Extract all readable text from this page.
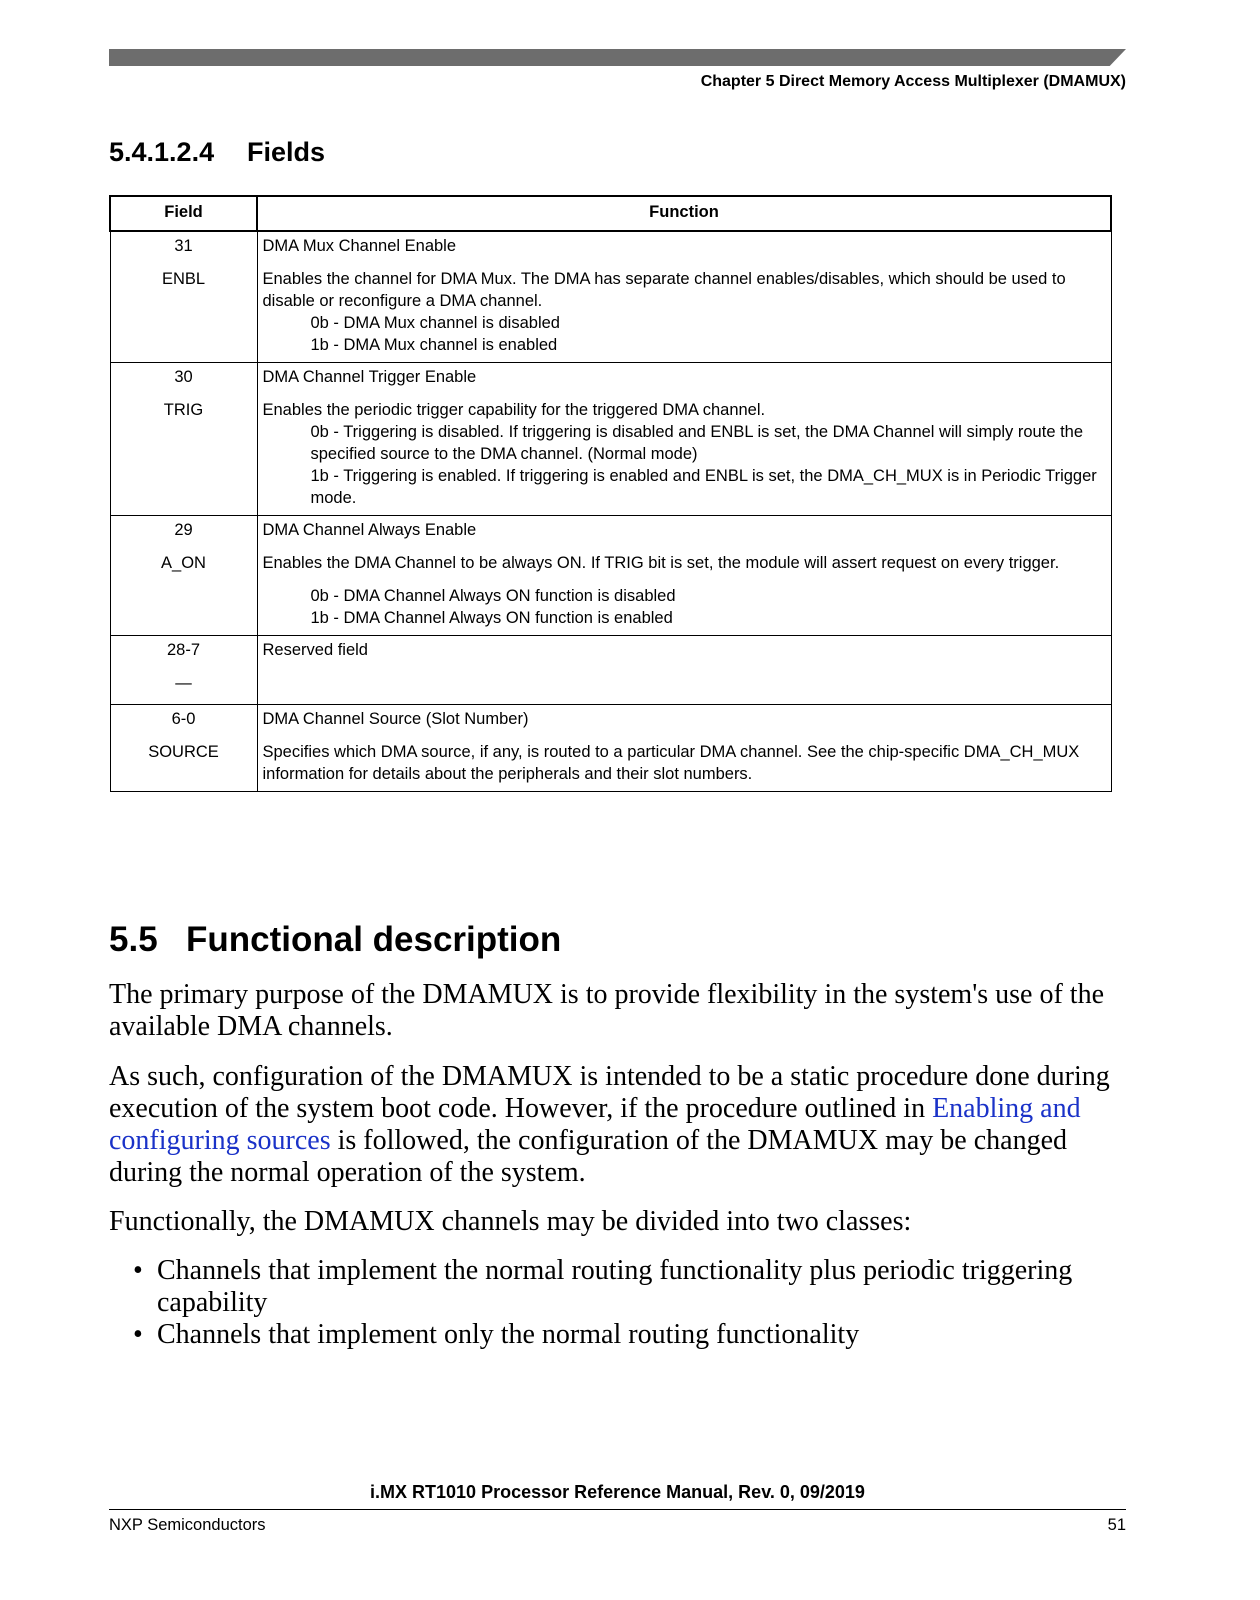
Chapter 5 Direct Memory Access Multiplexer (DMAMUX)
5.4.1.2.4 Fields
Field	Function

31
ENBL	DMA Mux Channel Enable
Enables the channel for DMA Mux. The DMA has separate channel enables/disables, which should be used to disable or reconfigure a DMA channel.
0b - DMA Mux channel is disabled
1b - DMA Mux channel is enabled

30
TRIG	DMA Channel Trigger Enable
Enables the periodic trigger capability for the triggered DMA channel.
0b - Triggering is disabled. If triggering is disabled and ENBL is set, the DMA Channel will simply route the specified source to the DMA channel. (Normal mode)
1b - Triggering is enabled. If triggering is enabled and ENBL is set, the DMA_CH_MUX is in Periodic Trigger mode.

29
A_ON	DMA Channel Always Enable
Enables the DMA Channel to be always ON. If TRIG bit is set, the module will assert request on every trigger.
0b - DMA Channel Always ON function is disabled
1b - DMA Channel Always ON function is enabled

28-7
—	Reserved field

6-0
SOURCE	DMA Channel Source (Slot Number)
Specifies which DMA source, if any, is routed to a particular DMA channel. See the chip-specific DMA_CH_MUX information for details about the peripherals and their slot numbers.
5.5 Functional description

The primary purpose of the DMAMUX is to provide flexibility in the system's use of the available DMA channels.

As such, configuration of the DMAMUX is intended to be a static procedure done during execution of the system boot code. However, if the procedure outlined in Enabling and configuring sources is followed, the configuration of the DMAMUX may be changed during the normal operation of the system.

Functionally, the DMAMUX channels may be divided into two classes:

• Channels that implement the normal routing functionality plus periodic triggering capability
• Channels that implement only the normal routing functionality
i.MX RT1010 Processor Reference Manual, Rev. 0, 09/2019
NXP Semiconductors	51
